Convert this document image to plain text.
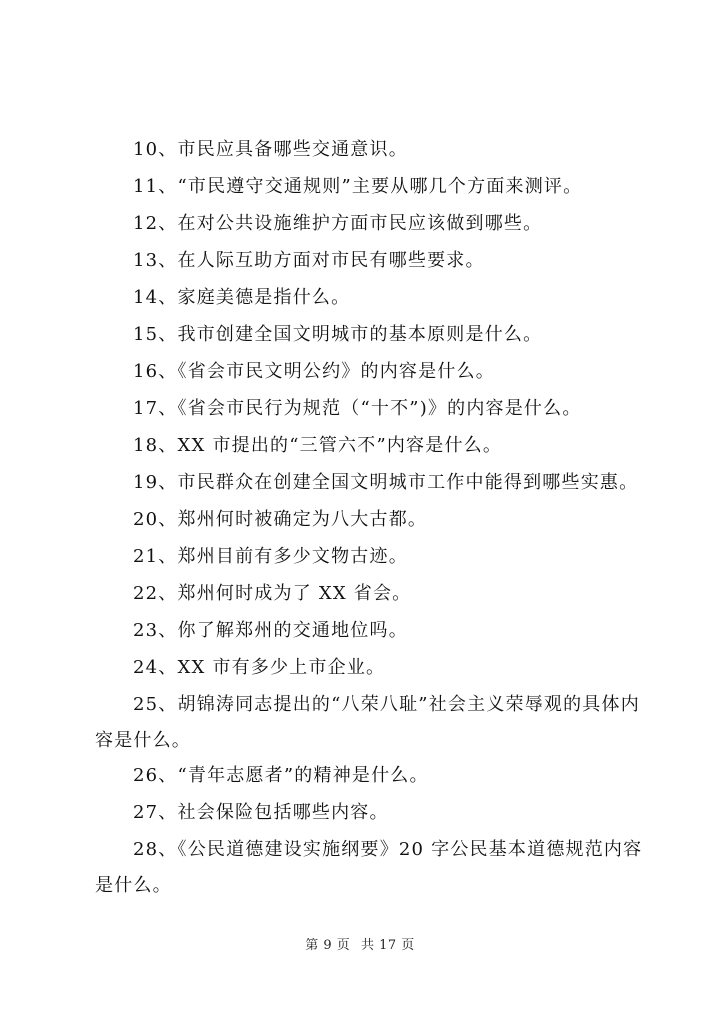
10、市民应具备哪些交通意识。

11、“市民遵守交通规则”主要从哪几个方面来测评。

12、在对公共设施维护方面市民应该做到哪些。

13、在人际互助方面对市民有哪些要求。

14、家庭美德是指什么。

15、我市创建全国文明城市的基本原则是什么。

16、《省会市民文明公约》的内容是什么。

17、《省会市民行为规范（“十不”)》的内容是什么。

18、XX 市提出的“三管六不”内容是什么。

19、市民群众在创建全国文明城市工作中能得到哪些实惠。

20、郑州何时被确定为八大古都。

21、郑州目前有多少文物古迹。

22、郑州何时成为了 XX 省会。

23、你了解郑州的交通地位吗。

24、XX 市有多少上市企业。

25、胡锦涛同志提出的“八荣八耻”社会主义荣辱观的具体内容是什么。

26、“青年志愿者”的精神是什么。

27、社会保险包括哪些内容。

28、《公民道德建设实施纲要》20 字公民基本道德规范内容是什么。

第 9 页 共 17 页
